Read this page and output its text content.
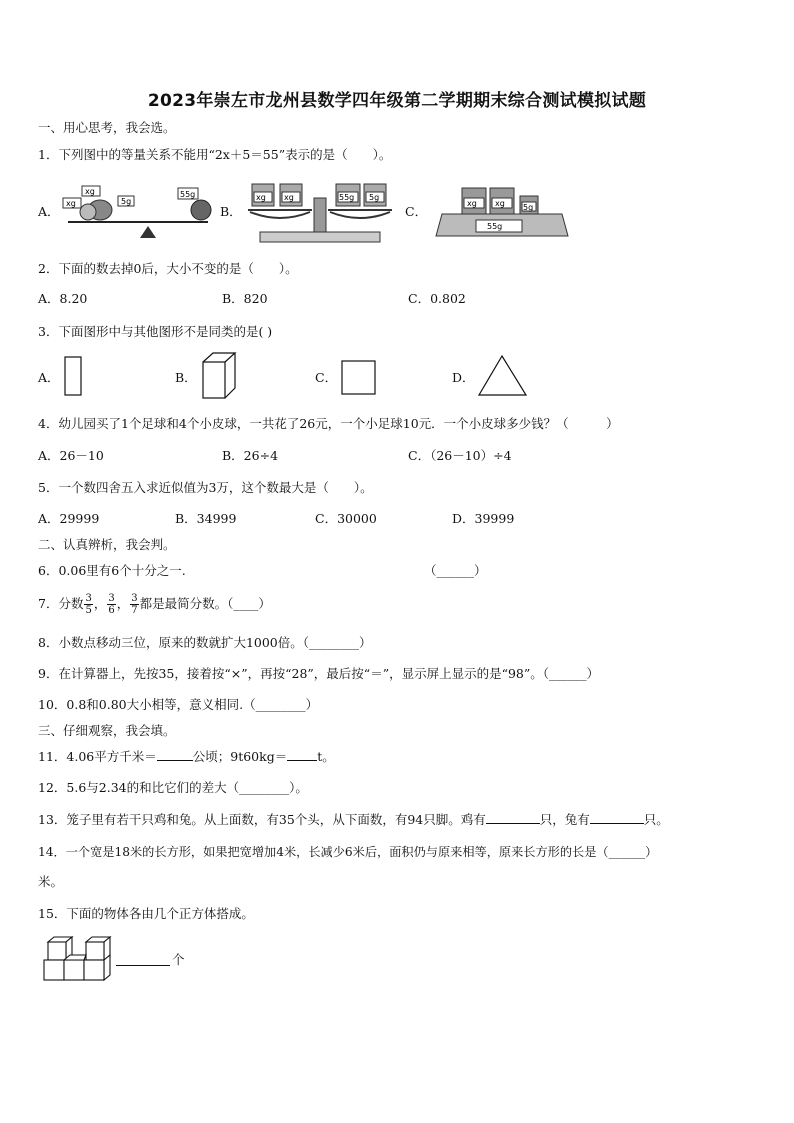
2023年崇左市龙州县数学四年级第二学期期末综合测试模拟试题
一、用心思考，我会选。
1．下列图中的等量关系不能用“2x＋5＝55”表示的是（　　）。
A．
xg
xg
5g
55g
B．
xg xg	55g 5g
C．
55g
xg xg 5g
2．下面的数去掉0后，大小不变的是（　　）。
A．8.20	B．820	C．0.802
3．下面图形中与其他图形不是同类的是( )
A．	B．	C．	D．
4．幼儿园买了1个足球和4个小皮球，一共花了26元，一个小足球10元．一个小皮球多少钱？（　　　）
A．26－10	B．26÷4	C．（26－10）÷4
5．一个数四舍五入求近似值为3万，这个数最大是（　　）。
A．29999	B．34999	C．30000	D．39999
二、认真辨析，我会判。
6．0.06里有6个十分之一.	（______）
7．分数 $\frac{3}{5}$ ， $\frac{3}{6}$ ， $\frac{3}{7}$ 都是最简分数。（____）
8．小数点移动三位，原来的数就扩大1000倍。（________）
9．在计算器上，先按35，接着按“×”，再按“28”，最后按“＝”，显示屏上显示的是“98”。（______）
10．0.8和0.80大小相等，意义相同.（________）
三、仔细观察，我会填。
11．4.06平方千米＝	公顷；9t60kg＝ t。
12．5.6与2.34的和比它们的差大（________）。
13．笼子里有若干只鸡和兔。从上面数，有35个头，从下面数，有94只脚。鸡有	只，兔有	只。
14．一个宽是18米的长方形，如果把宽增加4米，长减少6米后，面积仍与原来相等，原来长方形的长是（______）
米。
15．下面的物体各由几个正方体搭成。
个
